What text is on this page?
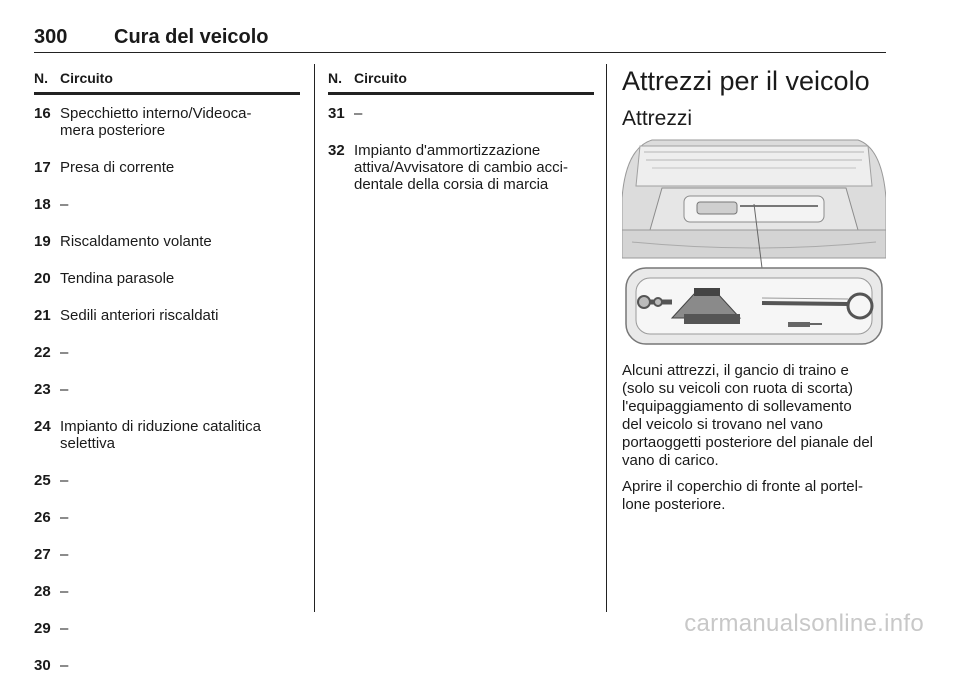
300 Cura del veicolo
N. Circuito
16 Specchietto interno/Videoca-
mera posteriore
17 Presa di corrente
18 –
19 Riscaldamento volante
20 Tendina parasole
21 Sedili anteriori riscaldati
22 –
23 –
24 Impianto di riduzione catalitica
selettiva
25 –
26 –
27 –
28 –
29 –
30 –
N. Circuito
31 –
32 Impianto d'ammortizzazione
attiva/Avvisatore di cambio acci-
dentale della corsia di marcia
Attrezzi per il veicolo
Attrezzi

Alcuni attrezzi, il gancio di traino e
(solo su veicoli con ruota di scorta)
l'equipaggiamento di sollevamento
del veicolo si trovano nel vano
portaoggetti posteriore del pianale del
vano di carico.

Aprire il coperchio di fronte al portel-
lone posteriore.

carmanualsonline.info
